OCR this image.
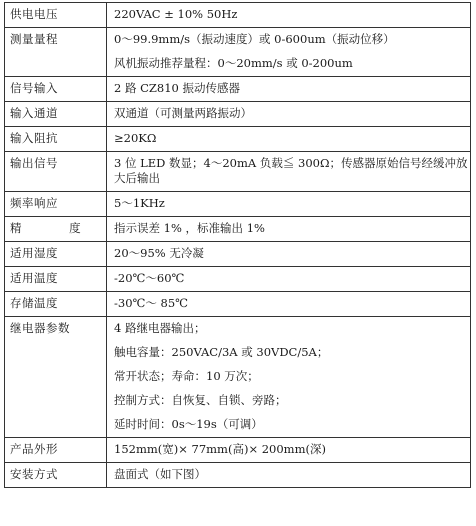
供电电压	220VAC ± 10% 50Hz

测量量程	0～99.9mm/s（振动速度）或 0-600um（振动位移）
风机振动推荐量程：0～20mm/s 或 0-200um

信号输入	2 路 CZ810 振动传感器

输入通道	双通道（可测量两路振动）

输入阻抗	≥20KΩ

输出信号	3 位 LED 数显；4～20mA 负载≦ 300Ω；传感器原始信号经缓冲放大后输出

频率响应	5～1KHz

精 度	指示误差 1% ，标准输出 1%

适用湿度	20～95% 无冷凝

适用温度	-20℃～60℃

存储温度	-30℃～ 85℃

继电器参数	4 路继电器输出；
触电容量：250VAC/3A 或 30VDC/5A；
常开状态；寿命：10 万次；
控制方式：自恢复、自锁、旁路；
延时时间：0s～19s（可调）

产品外形	152mm(宽)× 77mm(高)× 200mm(深)

安装方式	盘面式（如下图）
